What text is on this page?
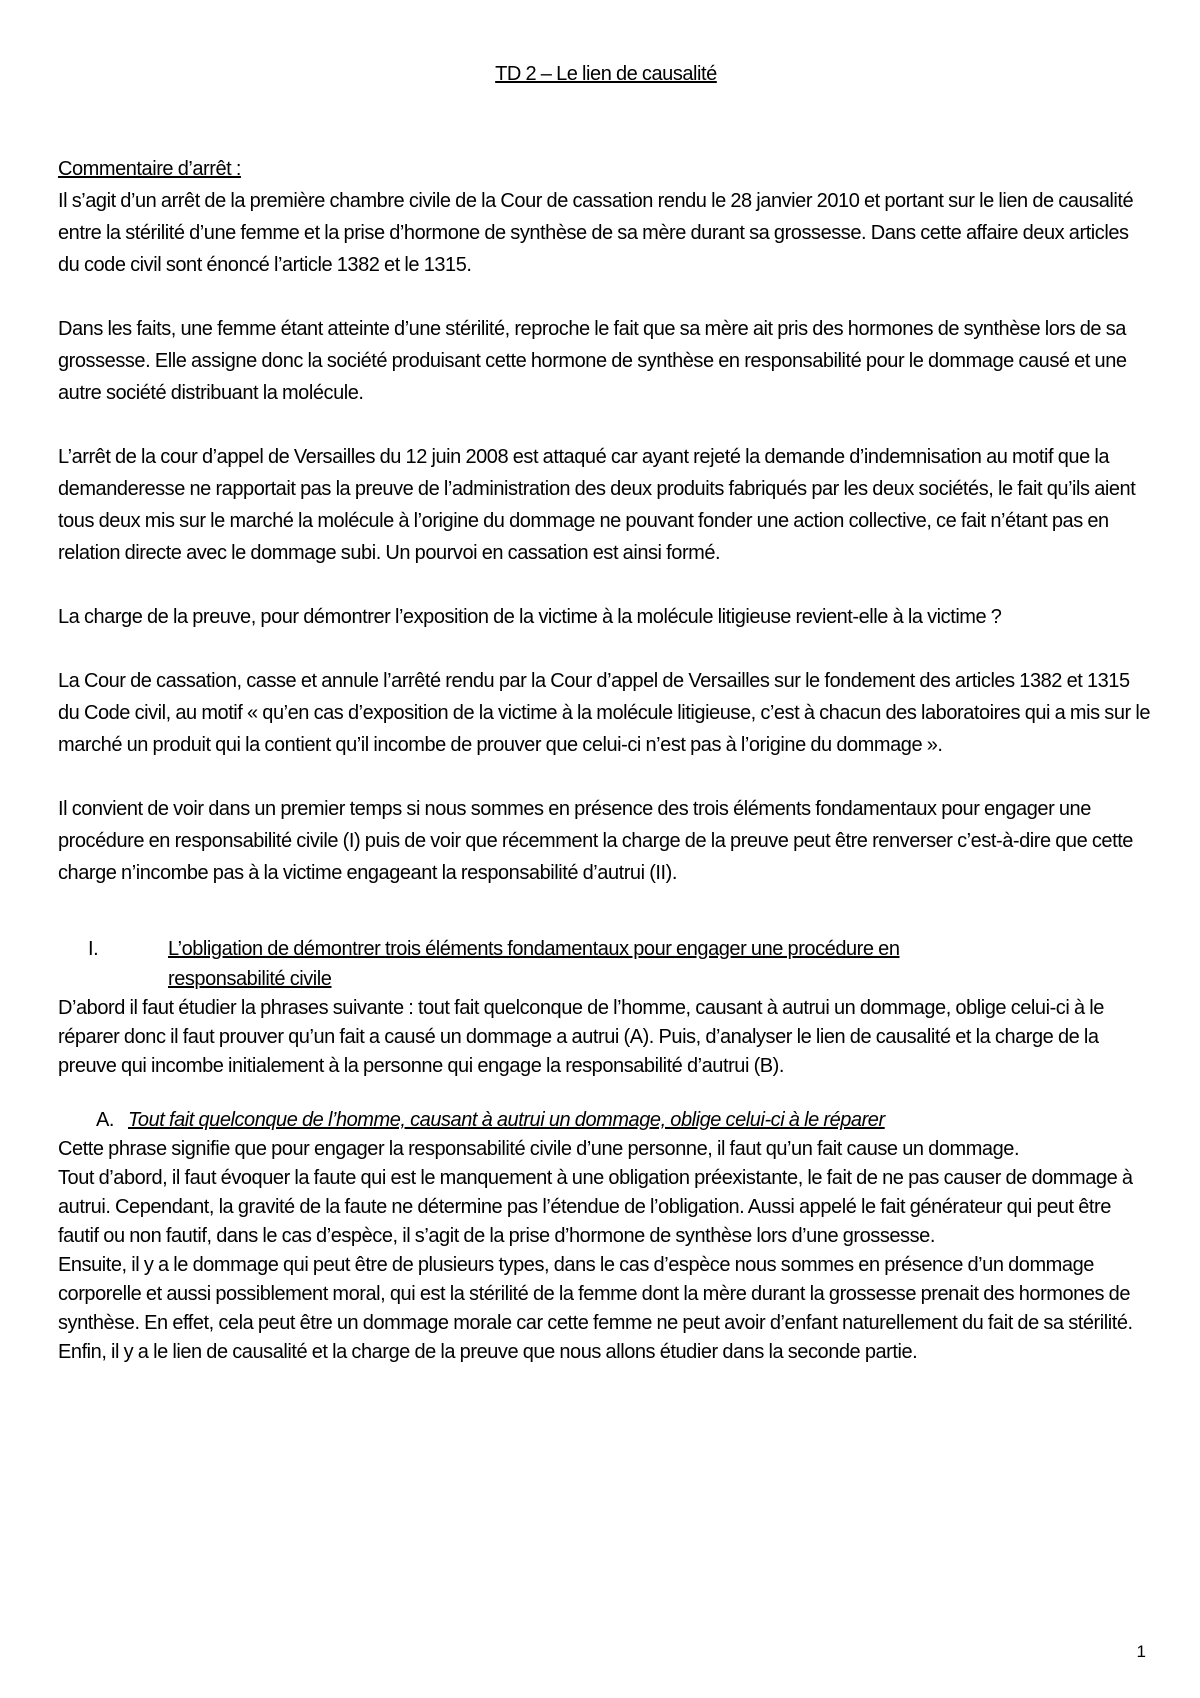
TD 2 – Le lien de causalité

Commentaire d’arrêt :

Il s’agit d’un arrêt de la première chambre civile de la Cour de cassation rendu le 28 janvier 2010 et portant sur le lien de causalité entre la stérilité d’une femme et la prise d’hormone de synthèse de sa mère durant sa grossesse. Dans cette affaire deux articles du code civil sont énoncé l’article 1382 et le 1315.

Dans les faits, une femme étant atteinte d’une stérilité, reproche le fait que sa mère ait pris des hormones de synthèse lors de sa grossesse. Elle assigne donc la société produisant cette hormone de synthèse en responsabilité pour le dommage causé et une autre société distribuant la molécule.

L’arrêt de la cour d’appel de Versailles du 12 juin 2008 est attaqué car ayant rejeté la demande d’indemnisation au motif que la demanderesse ne rapportait pas la preuve de l’administration des deux produits fabriqués par les deux sociétés, le fait qu’ils aient tous deux mis sur le marché la molécule à l’origine du dommage ne pouvant fonder une action collective, ce fait n’étant pas en relation directe avec le dommage subi. Un pourvoi en cassation est ainsi formé.

La charge de la preuve, pour démontrer l’exposition de la victime à la molécule litigieuse revient-elle à la victime ?

La Cour de cassation, casse et annule l’arrêté rendu par la Cour d’appel de Versailles sur le fondement des articles 1382 et 1315 du Code civil, au motif « qu’en cas d’exposition de la victime à la molécule litigieuse, c’est à chacun des laboratoires qui a mis sur le marché un produit qui la contient qu’il incombe de prouver que celui-ci n’est pas à l’origine du dommage ».

Il convient de voir dans un premier temps si nous sommes en présence des trois éléments fondamentaux pour engager une procédure en responsabilité civile (I) puis de voir que récemment la charge de la preuve peut être renverser c’est-à-dire que cette charge n’incombe pas à la victime engageant la responsabilité d’autrui (II).

I.	L’obligation de démontrer trois éléments fondamentaux pour engager une procédure en responsabilité civile

D’abord il faut étudier la phrases suivante : tout fait quelconque de l’homme, causant à autrui un dommage, oblige celui-ci à le réparer donc il faut prouver qu’un fait a causé un dommage a autrui (A). Puis, d’analyser le lien de causalité et la charge de la preuve qui incombe initialement à la personne qui engage la responsabilité d’autrui (B).

A. Tout fait quelconque de l’homme, causant à autrui un dommage, oblige celui-ci à le réparer

Cette phrase signifie que pour engager la responsabilité civile d’une personne, il faut qu’un fait cause un dommage.

Tout d’abord, il faut évoquer la faute qui est le manquement à une obligation préexistante, le fait de ne pas causer de dommage à autrui. Cependant, la gravité de la faute ne détermine pas l’étendue de l’obligation. Aussi appelé le fait générateur qui peut être fautif ou non fautif, dans le cas d’espèce, il s’agit de la prise d’hormone de synthèse lors d’une grossesse.

Ensuite, il y a le dommage qui peut être de plusieurs types, dans le cas d’espèce nous sommes en présence d’un dommage corporelle et aussi possiblement moral, qui est la stérilité de la femme dont la mère durant la grossesse prenait des hormones de synthèse. En effet, cela peut être un dommage morale car cette femme ne peut avoir d’enfant naturellement du fait de sa stérilité.

Enfin, il y a le lien de causalité et la charge de la preuve que nous allons étudier dans la seconde partie.

1
